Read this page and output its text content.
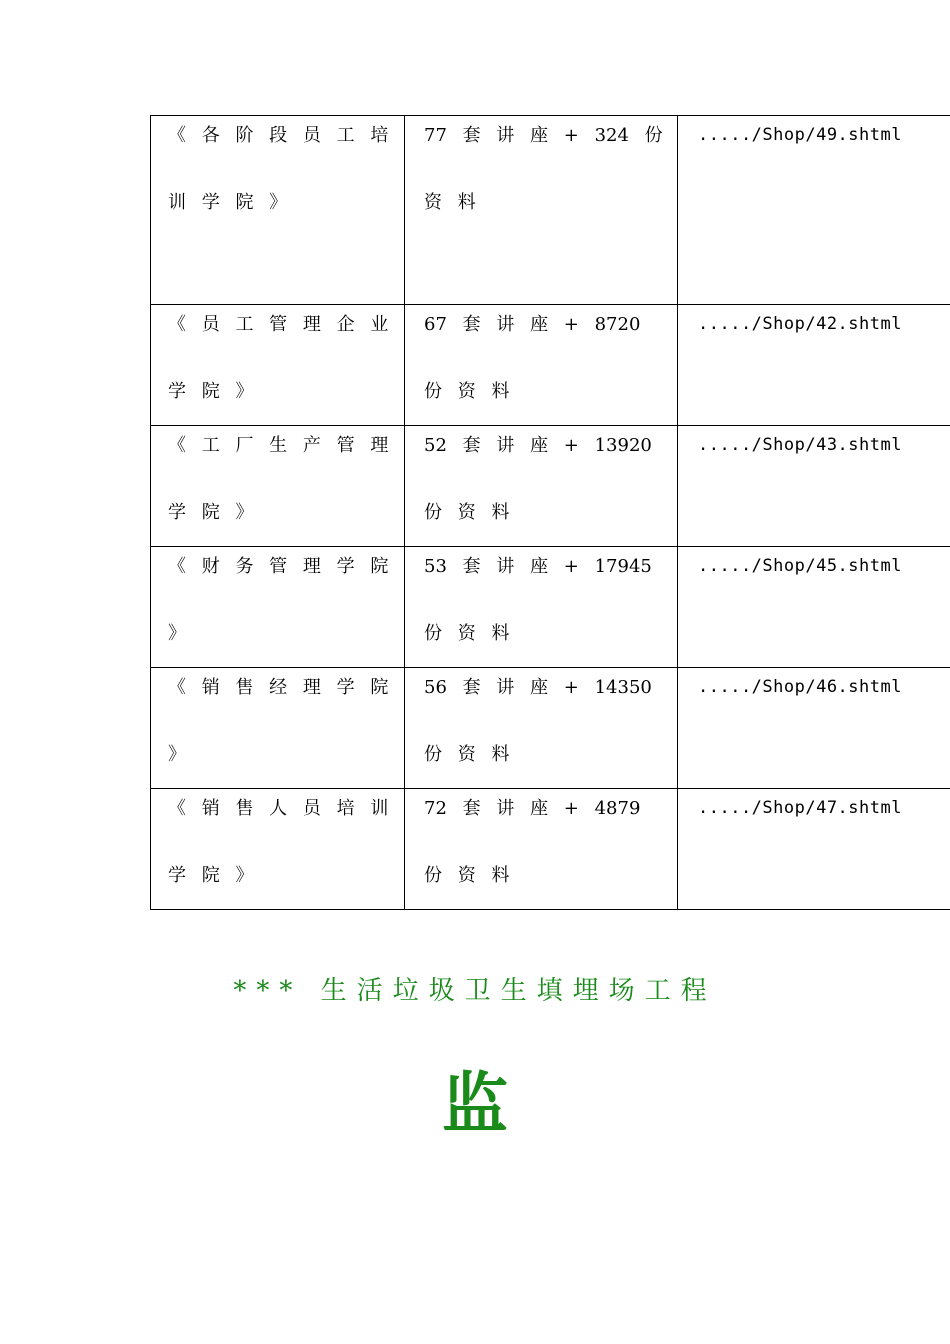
《 各 阶 段 员 工 培 训 学 院 》	77 套 讲 座 + 324 份 资 料	...../Shop/49.shtml

《 员 工 管 理 企 业 学 院 》	67 套 讲 座 + 8720 份 资 料	...../Shop/42.shtml

《 工 厂 生 产 管 理 学 院 》	52 套 讲 座 + 13920 份 资 料	...../Shop/43.shtml

《 财 务 管 理 学 院 》	53 套 讲 座 + 17945 份 资 料	...../Shop/45.shtml

《 销 售 经 理 学 院 》	56 套 讲 座 + 14350 份 资 料	...../Shop/46.shtml

《 销 售 人 员 培 训 学 院 》	72 套 讲 座 + 4879 份 资 料	...../Shop/47.shtml
*** 生活垃圾卫生填埋场工程
监
